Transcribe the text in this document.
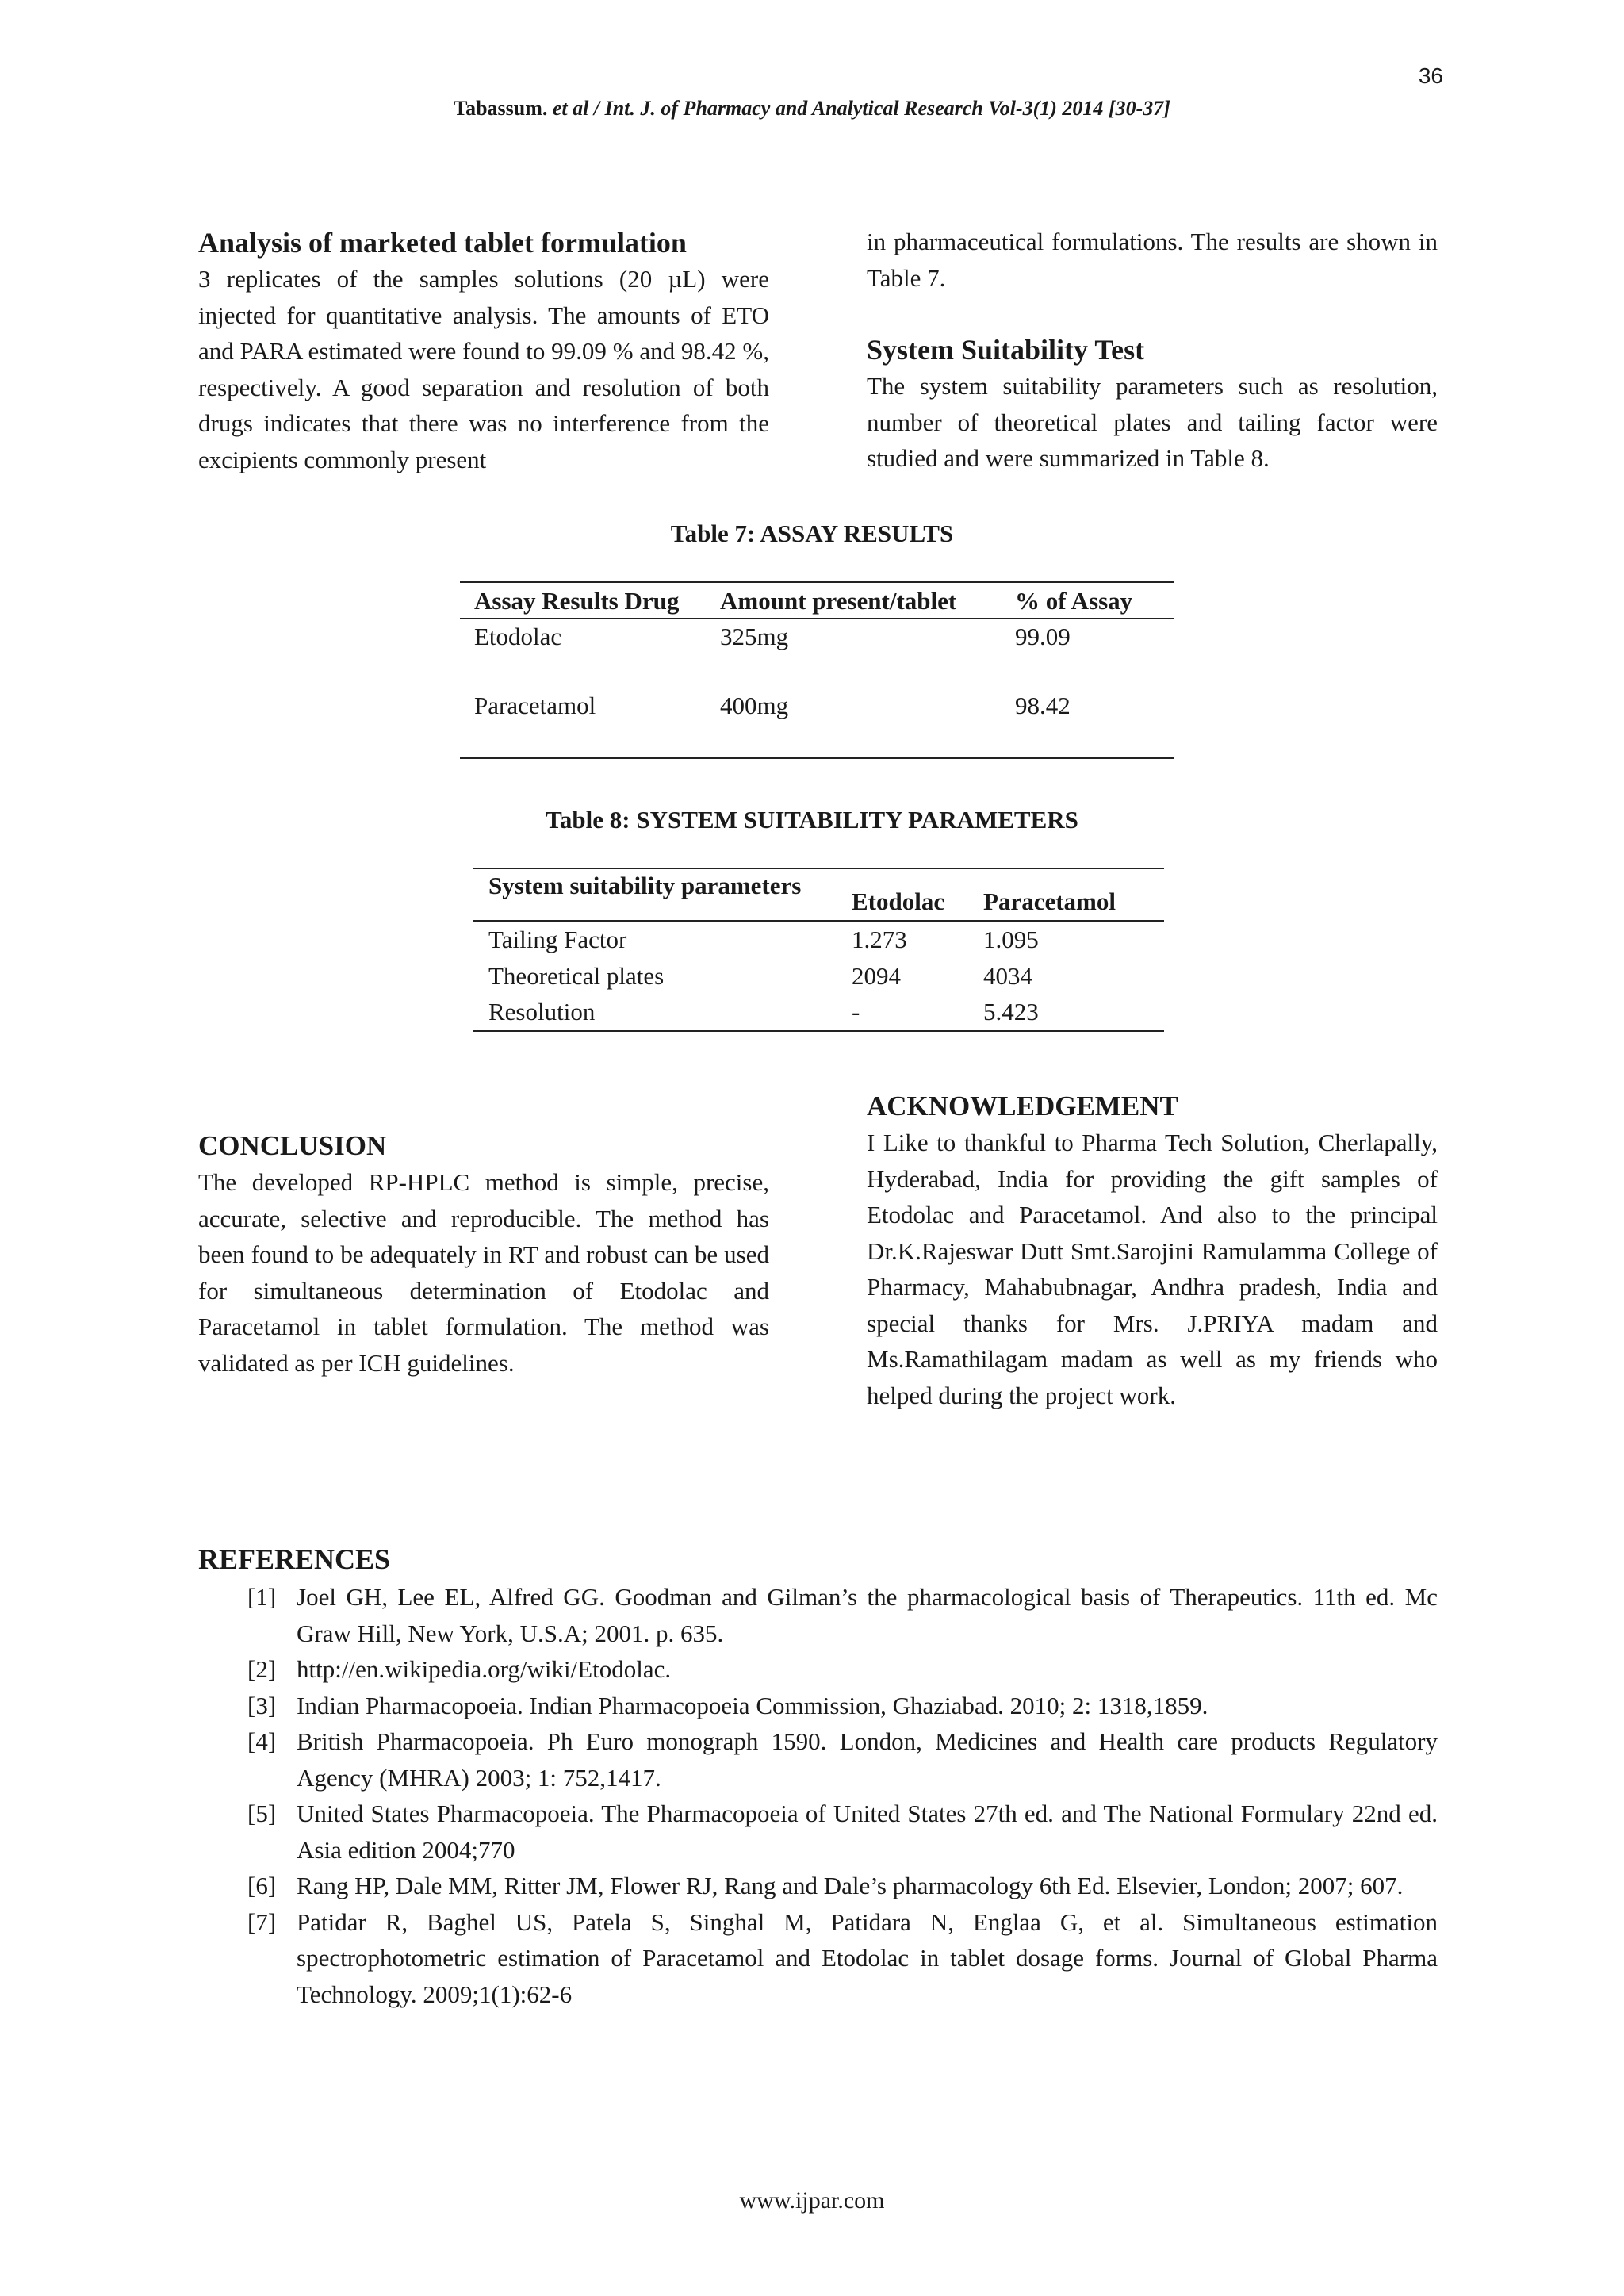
36
Tabassum. et al / Int. J. of Pharmacy and Analytical Research Vol-3(1) 2014 [30-37]
Analysis of marketed tablet formulation

3 replicates of the samples solutions (20 µL) were injected for quantitative analysis. The amounts of ETO and PARA estimated were found to 99.09 % and 98.42 %, respectively. A good separation and resolution of both drugs indicates that there was no interference from the excipients commonly present

in pharmaceutical formulations. The results are shown in Table 7.

System Suitability Test

The system suitability parameters such as resolution, number of theoretical plates and tailing factor were studied and were summarized in Table 8.

Table 7: ASSAY RESULTS
Assay Results Drug	Amount present/tablet	% of Assay
Etodolac	325mg	99.09
Paracetamol	400mg	98.42
Table 8: SYSTEM SUITABILITY PARAMETERS
System suitability parameters	Etodolac	Paracetamol
Tailing Factor	1.273	1.095
Theoretical plates	2094	4034
Resolution	-	5.423
CONCLUSION

The developed RP-HPLC method is simple, precise, accurate, selective and reproducible. The method has been found to be adequately in RT and robust can be used for simultaneous determination of Etodolac and Paracetamol in tablet formulation. The method was validated as per ICH guidelines.

ACKNOWLEDGEMENT

I Like to thankful to Pharma Tech Solution, Cherlapally, Hyderabad, India for providing the gift samples of Etodolac and Paracetamol. And also to the principal Dr.K.Rajeswar Dutt Smt.Sarojini Ramulamma College of Pharmacy, Mahabubnagar, Andhra pradesh, India and special thanks for Mrs. J.PRIYA madam and Ms.Ramathilagam madam as well as my friends who helped during the project work.

REFERENCES
[1] Joel GH, Lee EL, Alfred GG. Goodman and Gilman’s the pharmacological basis of Therapeutics. 11th ed. Mc Graw Hill, New York, U.S.A; 2001. p. 635.
[2] http://en.wikipedia.org/wiki/Etodolac.
[3] Indian Pharmacopoeia. Indian Pharmacopoeia Commission, Ghaziabad. 2010; 2: 1318,1859.
[4] British Pharmacopoeia. Ph Euro monograph 1590. London, Medicines and Health care products Regulatory Agency (MHRA) 2003; 1: 752,1417.
[5] United States Pharmacopoeia. The Pharmacopoeia of United States 27th ed. and The National Formulary 22nd ed. Asia edition 2004;770
[6] Rang HP, Dale MM, Ritter JM, Flower RJ, Rang and Dale’s pharmacology 6th Ed. Elsevier, London; 2007; 607.
[7] Patidar R, Baghel US, Patela S, Singhal M, Patidara N, Englaa G, et al. Simultaneous estimation spectrophotometric estimation of Paracetamol and Etodolac in tablet dosage forms. Journal of Global Pharma Technology. 2009;1(1):62-6
www.ijpar.com
